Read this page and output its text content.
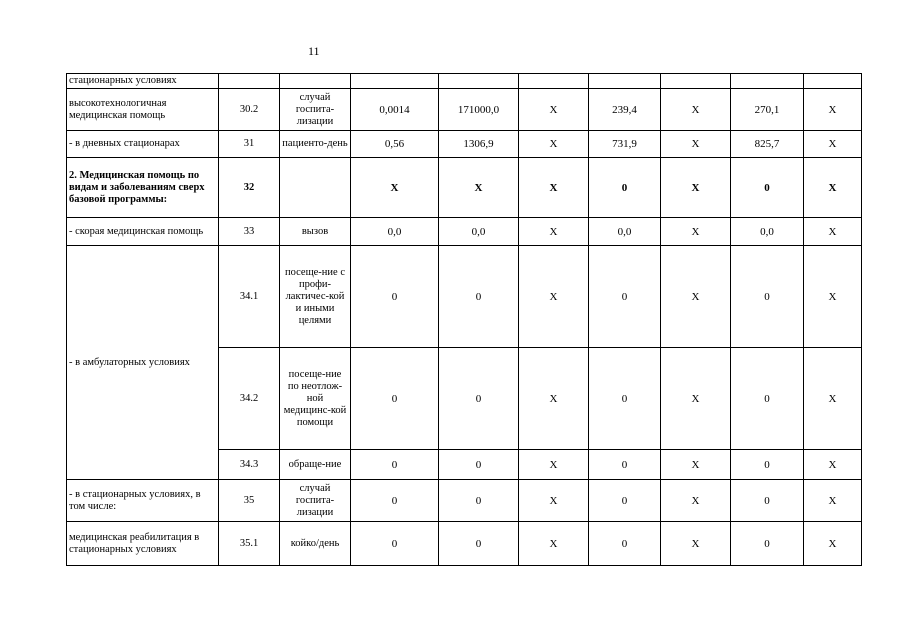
11
стационарных условиях									
высокотехнологичная медицинская помощь	30.2	случай госпита-лизации	0,0014	171000,0	Х	239,4	Х	270,1	Х
- в дневных стационарах	31	пациенто-день	0,56	1306,9	Х	731,9	Х	825,7	Х
2. Медицинская помощь по видам и заболеваниям сверх базовой программы:	32		Х	Х	Х	0	Х	0	Х
- скорая медицинская помощь	33	вызов	0,0	0,0	Х	0,0	Х	0,0	Х
- в амбулаторных условиях	34.1	посеще-ние с профи-лактичес-кой и иными целями	0	0	Х	0	Х	0	Х
	34.2	посеще-ние по неотлож-ной медицинс-кой помощи	0	0	Х	0	Х	0	Х
	34.3	обраще-ние	0	0	Х	0	Х	0	Х
- в стационарных условиях, в том числе:	35	случай госпита-лизации	0	0	Х	0	Х	0	Х
медицинская реабилитация в стационарных условиях	35.1	койко/день	0	0	Х	0	Х	0	Х
